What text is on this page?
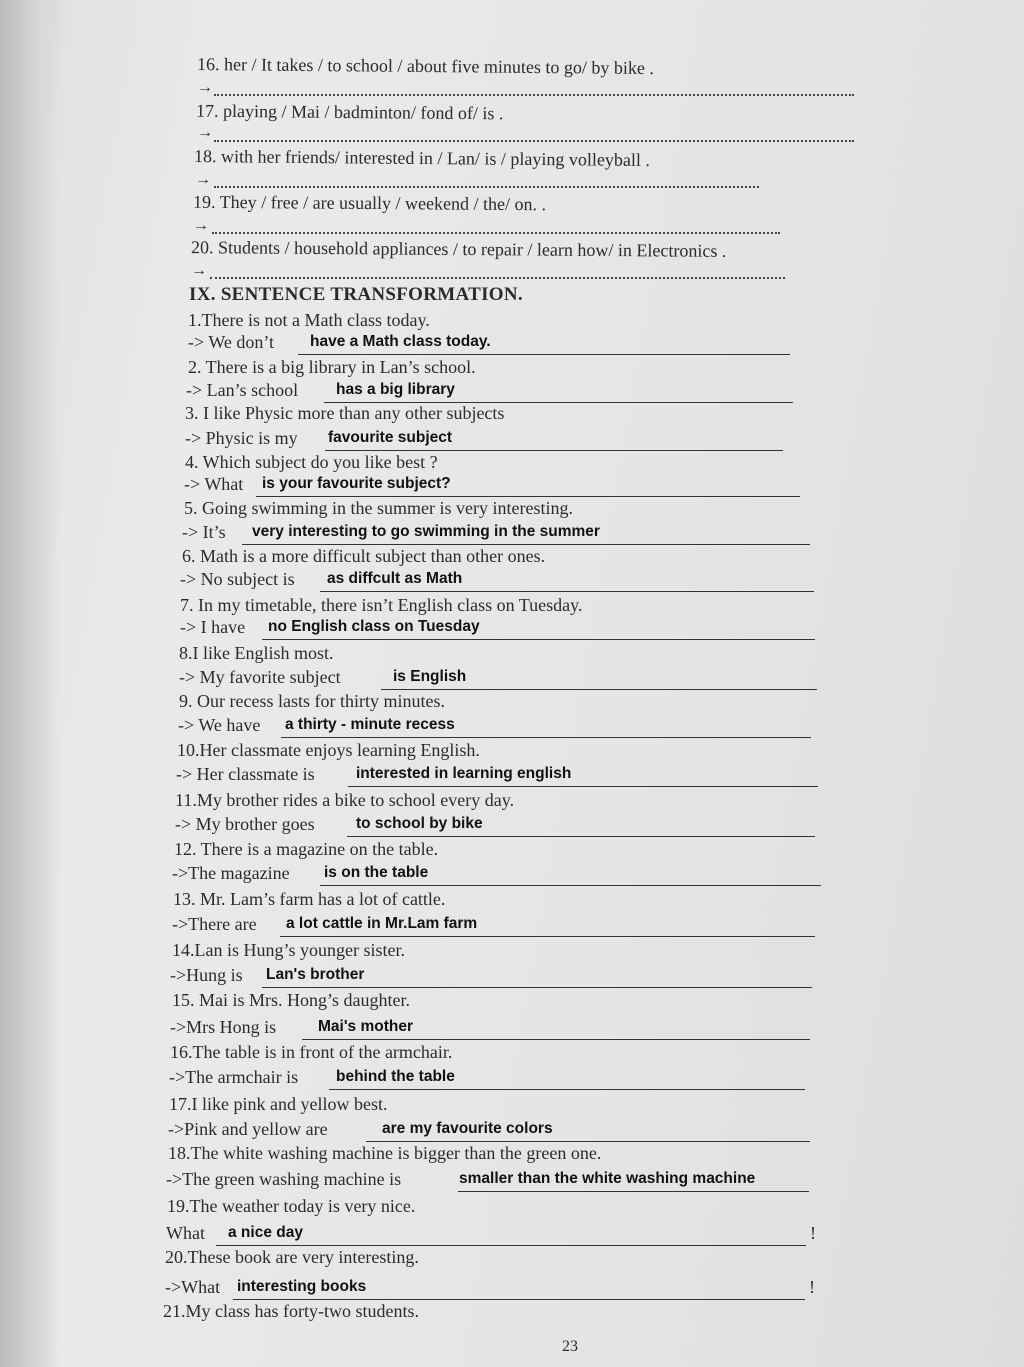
16. her / It takes / to school / about five minutes to go/ by bike .
→
17. playing / Mai / badminton/ fond of/ is .
→
18. with her friends/ interested in / Lan/ is / playing volleyball .
→
19. They / free / are usually / weekend / the/ on. .
→
20. Students / household appliances / to repair / learn how/ in Electronics .
→
IX. SENTENCE TRANSFORMATION.
1.There is not a Math class today.
-> We don’t have a Math class today.
2. There is a big library in Lan’s school.
-> Lan’s school has a big library
3. I like Physic more than any other subjects
-> Physic is my favourite subject
4. Which subject do you like best ?
-> What is your favourite subject?
5. Going swimming in the summer is very interesting.
-> It’s very interesting to go swimming in the summer
6. Math is a more difficult subject than other ones.
-> No subject is as diffcult as Math
7. In my timetable, there isn’t English class on Tuesday.
-> I have no English class on Tuesday
8.I like English most.
-> My favorite subject	is English
9. Our recess lasts for thirty minutes.
-> We have a thirty - minute recess
10.Her classmate enjoys learning English.
-> Her classmate is	interested in learning english
11.My brother rides a bike to school every day.
-> My brother goes	to school by bike
12. There is a magazine on the table.
->The magazine is on the table
13. Mr. Lam’s farm has a lot of cattle.
->There are a lot cattle in Mr.Lam farm
14.Lan is Hung’s younger sister.
->Hung is Lan's brother
15. Mai is Mrs. Hong’s daughter.
->Mrs Hong is	Mai's mother
16.The table is in front of the armchair.
->The armchair is behind the table
17.I like pink and yellow best.
->Pink and yellow are	are my favourite colors
18.The white washing machine is bigger than the green one.
->The green washing machine is	smaller than the white washing machine
19.The weather today is very nice.
What a nice day	!
20.These book are very interesting.
->What interesting books	!
21.My class has forty-two students.
23
